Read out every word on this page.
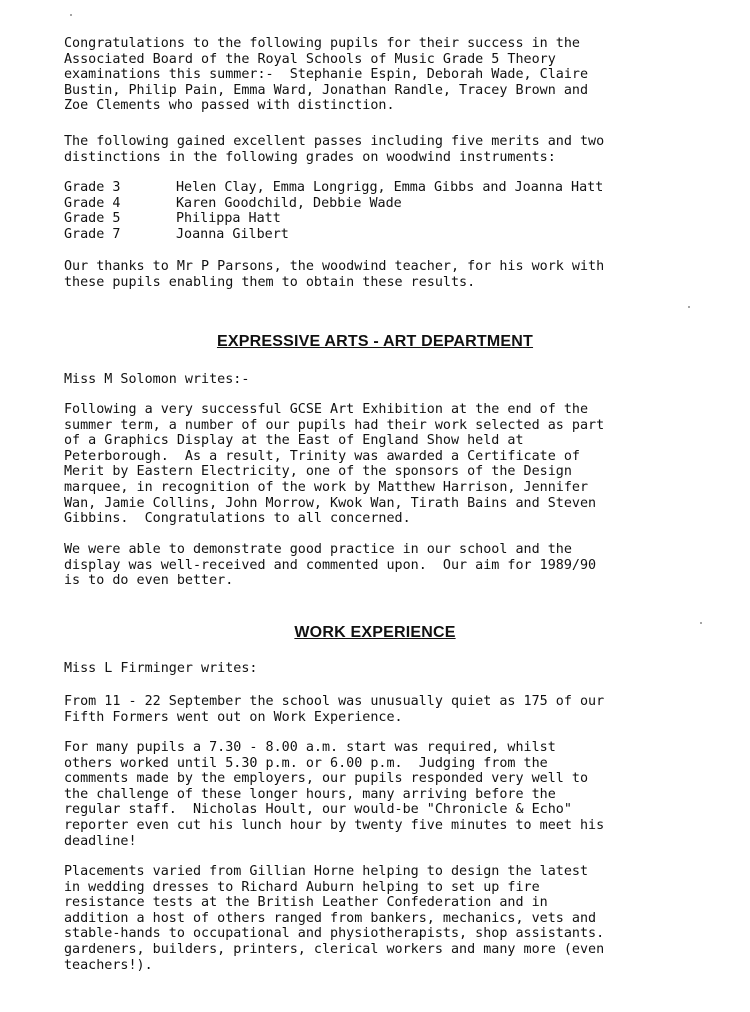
Congratulations to the following pupils for their success in the
Associated Board of the Royal Schools of Music Grade 5 Theory
examinations this summer:-  Stephanie Espin, Deborah Wade, Claire
Bustin, Philip Pain, Emma Ward, Jonathan Randle, Tracey Brown and
Zoe Clements who passed with distinction.

The following gained excellent passes including five merits and two
distinctions in the following grades on woodwind instruments:

Grade 3	Helen Clay, Emma Longrigg, Emma Gibbs and Joanna Hatt
Grade 4	Karen Goodchild, Debbie Wade
Grade 5	Philippa Hatt
Grade 7	Joanna Gilbert

Our thanks to Mr P Parsons, the woodwind teacher, for his work with
these pupils enabling them to obtain these results.

EXPRESSIVE ARTS - ART DEPARTMENT

Miss M Solomon writes:-

Following a very successful GCSE Art Exhibition at the end of the
summer term, a number of our pupils had their work selected as part
of a Graphics Display at the East of England Show held at
Peterborough.  As a result, Trinity was awarded a Certificate of
Merit by Eastern Electricity, one of the sponsors of the Design
marquee, in recognition of the work by Matthew Harrison, Jennifer
Wan, Jamie Collins, John Morrow, Kwok Wan, Tirath Bains and Steven
Gibbins.  Congratulations to all concerned.

We were able to demonstrate good practice in our school and the
display was well-received and commented upon.  Our aim for 1989/90
is to do even better.

WORK EXPERIENCE

Miss L Firminger writes:

From 11 - 22 September the school was unusually quiet as 175 of our
Fifth Formers went out on Work Experience.

For many pupils a 7.30 - 8.00 a.m. start was required, whilst
others worked until 5.30 p.m. or 6.00 p.m.  Judging from the
comments made by the employers, our pupils responded very well to
the challenge of these longer hours, many arriving before the
regular staff.  Nicholas Hoult, our would-be "Chronicle & Echo"
reporter even cut his lunch hour by twenty five minutes to meet his
deadline!

Placements varied from Gillian Horne helping to design the latest
in wedding dresses to Richard Auburn helping to set up fire
resistance tests at the British Leather Confederation and in
addition a host of others ranged from bankers, mechanics, vets and
stable-hands to occupational and physiotherapists, shop assistants.
gardeners, builders, printers, clerical workers and many more (even
teachers!).
